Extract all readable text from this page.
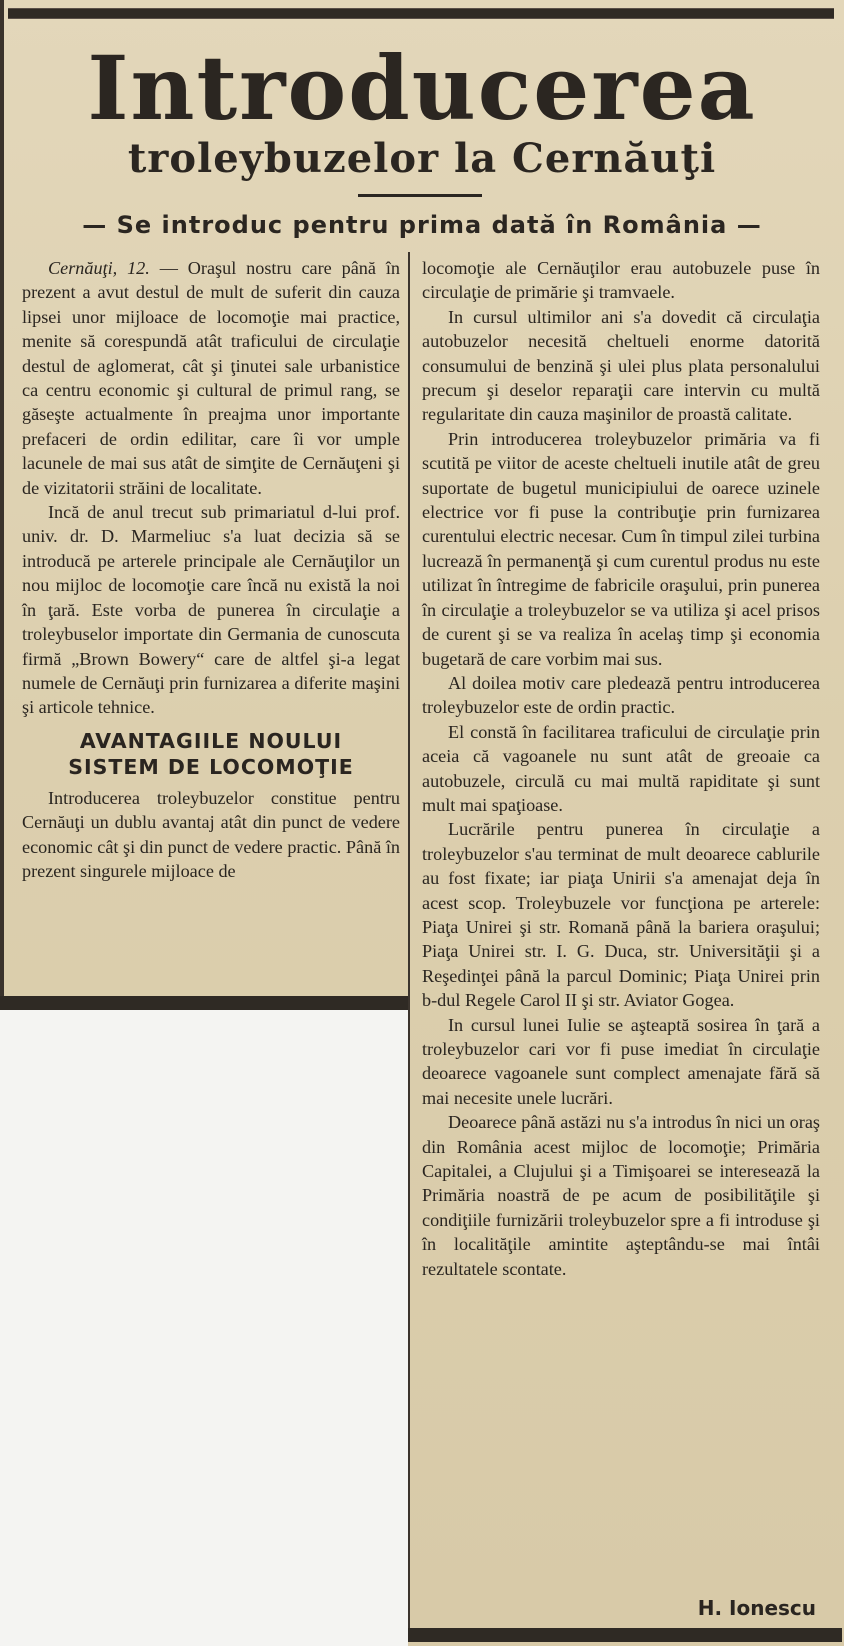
Introducerea
troleybuzelor la Cernăuţi
— Se introduc pentru prima dată în România —

Cernăuţi, 12. — Oraşul nostru care până în prezent a avut destul de mult de suferit din cauza lipsei unor mijloace de locomoţie mai practice, menite să corespundă atât traficului de circulaţie destul de aglomerat, cât şi ţinutei sale urbanistice ca centru economic şi cultural de primul rang, se găseşte actualmente în preajma unor importante prefaceri de ordin edilitar, care îi vor umple lacunele de mai sus atât de simţite de Cernăuţeni şi de vizitatorii străini de localitate.

Incă de anul trecut sub primariatul d-lui prof. univ. dr. D. Marmeliuc s'a luat decizia să se introducă pe arterele principale ale Cernăuţilor un nou mijloc de locomoţie care încă nu există la noi în ţară. Este vorba de punerea în circulaţie a troleybuselor importate din Germania de cunoscuta firmă „Brown Bowery“ care de altfel şi-a legat numele de Cernăuţi prin furnizarea a diferite maşini şi articole tehnice.

AVANTAGIILE NOULUI
SISTEM DE LOCOMOŢIE

Introducerea troleybuzelor constitue pentru Cernăuţi un dublu avantaj atât din punct de vedere economic cât şi din punct de vedere practic. Până în prezent singurele mijloace de

locomoţie ale Cernăuţilor erau autobuzele puse în circulaţie de primărie şi tramvaele.

In cursul ultimilor ani s'a dovedit că circulaţia autobuzelor necesită cheltueli enorme datorită consumului de benzină şi ulei plus plata personalului precum şi deselor reparaţii care intervin cu multă regularitate din cauza maşinilor de proastă calitate.

Prin introducerea troleybuzelor primăria va fi scutită pe viitor de aceste cheltueli inutile atât de greu suportate de bugetul municipiului de oarece uzinele electrice vor fi puse la contribuţie prin furnizarea curentului electric necesar. Cum în timpul zilei turbina lucrează în permanenţă şi cum curentul produs nu este utilizat în întregime de fabricile oraşului, prin punerea în circulaţie a troleybuzelor se va utiliza şi acel prisos de curent şi se va realiza în acelaş timp şi economia bugetară de care vorbim mai sus.

Al doilea motiv care pledează pentru introducerea troleybuzelor este de ordin practic.

El constă în facilitarea traficului de circulaţie prin aceia că vagoanele nu sunt atât de greoaie ca autobuzele, circulă cu mai multă rapiditate şi sunt mult mai spaţioase.

Lucrările pentru punerea în circulaţie a troleybuzelor s'au terminat de mult deoarece cablurile au fost fixate; iar piaţa Unirii s'a amenajat deja în acest scop. Troleybuzele vor funcţiona pe arterele: Piaţa Unirei şi str. Romană până la bariera oraşului; Piaţa Unirei str. I. G. Duca, str. Universităţii şi a Reşedinţei până la parcul Dominic; Piaţa Unirei prin b-dul Regele Carol II şi str. Aviator Gogea.

In cursul lunei Iulie se aşteaptă sosirea în ţară a troleybuzelor cari vor fi puse imediat în circulaţie deoarece vagoanele sunt complect amenajate fără să mai necesite unele lucrări.

Deoarece până astăzi nu s'a introdus în nici un oraş din România acest mijloc de locomoţie; Primăria Capitalei, a Clujului şi a Timişoarei se interesează la Primăria noastră de pe acum de posibilităţile şi condiţiile furnizării troleybuzelor spre a fi introduse şi în localităţile amintite aşteptându-se mai întâi rezultatele scontate.

H. Ionescu
